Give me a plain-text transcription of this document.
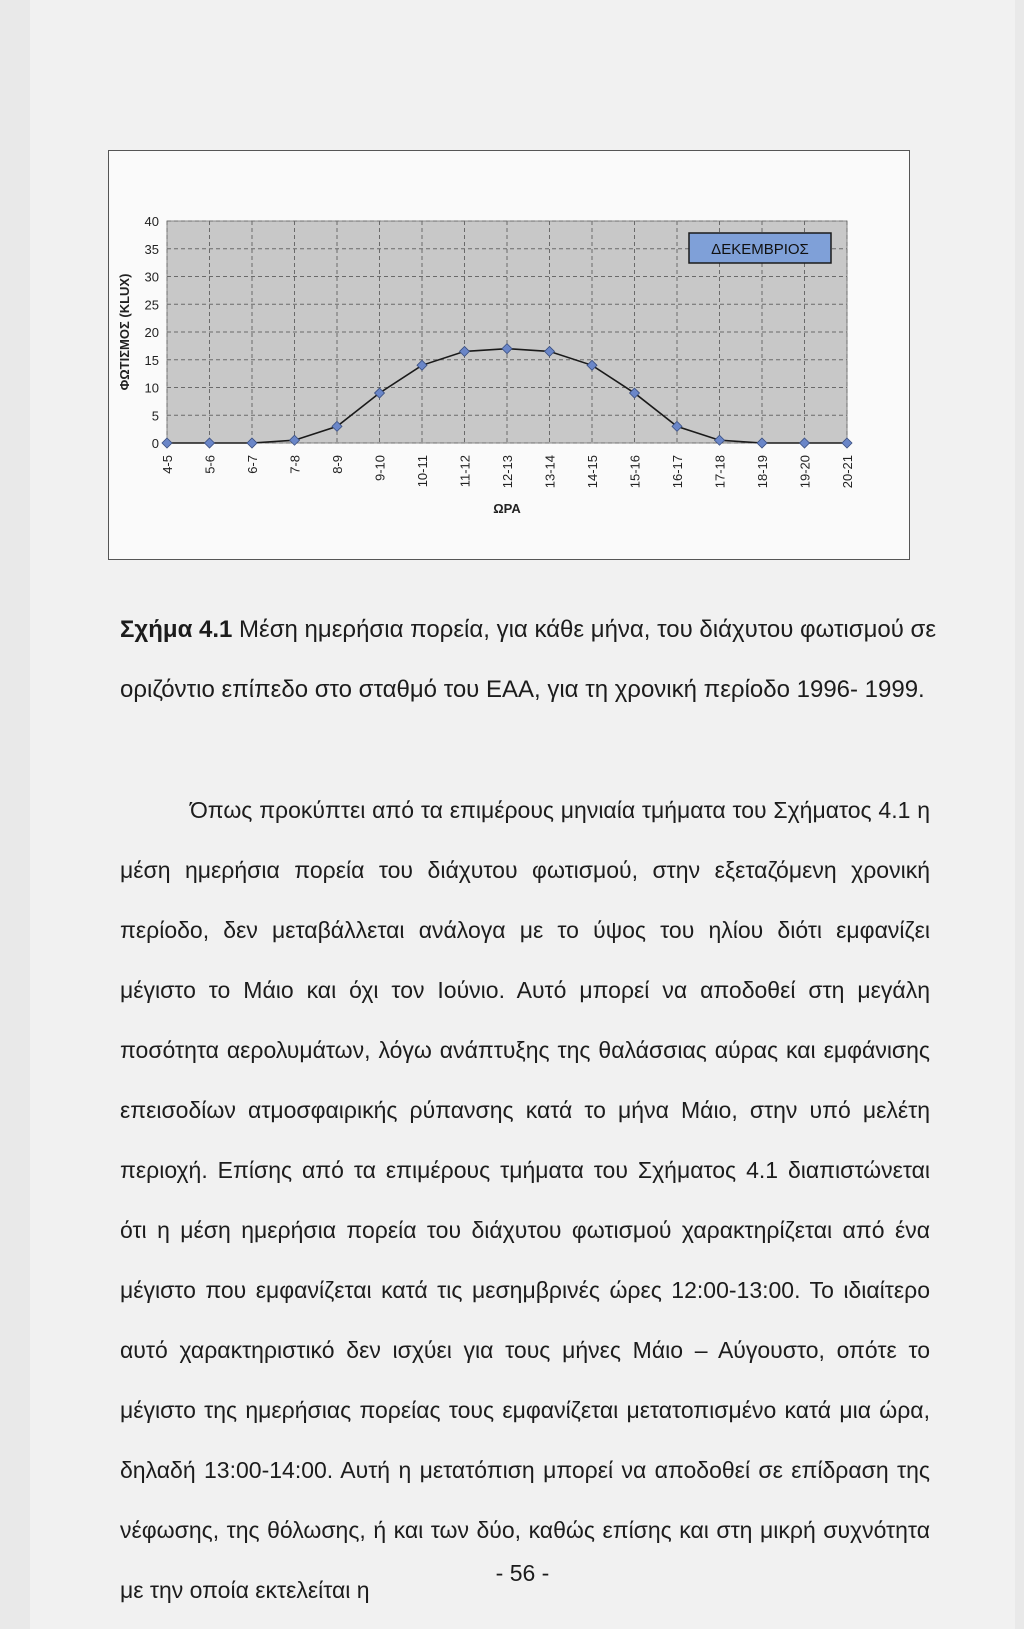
0
5
10
15
20
25
30
35
40
4-5 5-6 6-7 7-8 8-9 9-10 10-11 11-12 12-13 13-14 14-15 15-16 16-17 17-18 18-19 19-20 20-21
ΦΩΤΙΣΜΟΣ (KLUX)
ΩΡΑ
ΔΕΚΕΜΒΡΙΟΣ
Σχήμα 4.1 Μέση ημερήσια πορεία, για κάθε μήνα, του διάχυτου φωτισμού σε οριζόντιο επίπεδο στο σταθμό του ΕΑΑ, για τη χρονική περίοδο 1996- 1999.

Όπως προκύπτει από τα επιμέρους μηνιαία τμήματα του Σχήματος 4.1 η μέση ημερήσια πορεία του διάχυτου φωτισμού, στην εξεταζόμενη χρονική περίοδο, δεν μεταβάλλεται ανάλογα με το ύψος του ηλίου διότι εμφανίζει μέγιστο το Μάιο και όχι τον Ιούνιο. Αυτό μπορεί να αποδοθεί στη μεγάλη ποσότητα αερολυμάτων, λόγω ανάπτυξης της θαλάσσιας αύρας και εμφάνισης επεισοδίων ατμοσφαιρικής ρύπανσης κατά το μήνα Μάιο, στην υπό μελέτη περιοχή. Επίσης από τα επιμέρους τμήματα του Σχήματος 4.1 διαπιστώνεται ότι η μέση ημερήσια πορεία του διάχυτου φωτισμού χαρακτηρίζεται από ένα μέγιστο που εμφανίζεται κατά τις μεσημβρινές ώρες 12:00-13:00. Το ιδιαίτερο αυτό χαρακτηριστικό δεν ισχύει για τους μήνες Μάιο – Αύγουστο, οπότε το μέγιστο της ημερήσιας πορείας τους εμφανίζεται μετατοπισμένο κατά μια ώρα, δηλαδή 13:00-14:00. Αυτή η μετατόπιση μπορεί να αποδοθεί σε επίδραση της νέφωσης, της θόλωσης, ή και των δύο, καθώς επίσης και στη μικρή συχνότητα με την οποία εκτελείται η

- 56 -
